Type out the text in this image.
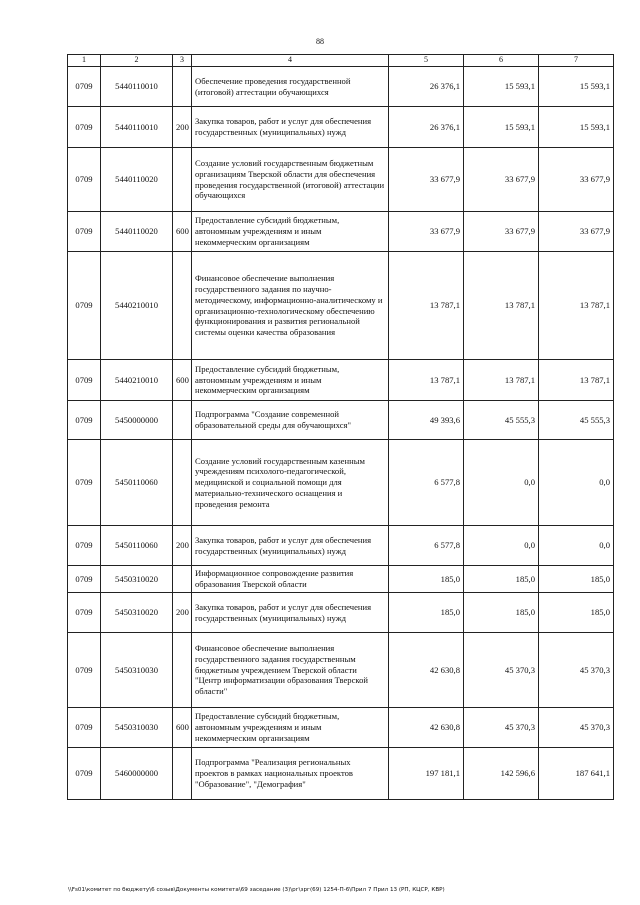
88
1	2	3	4	5	6	7
0709	5440110010		Обеспечение проведения государственной (итоговой) аттестации обучающихся	26 376,1	15 593,1	15 593,1
0709	5440110010	200	Закупка товаров, работ и услуг для обеспечения государственных (муниципальных) нужд	26 376,1	15 593,1	15 593,1
0709	5440110020		Создание условий государственным бюджетным организациям Тверской области для обеспечения проведения государственной (итоговой) аттестации обучающихся	33 677,9	33 677,9	33 677,9
0709	5440110020	600	Предоставление субсидий бюджетным, автономным учреждениям и иным некоммерческим организациям	33 677,9	33 677,9	33 677,9
0709	5440210010		Финансовое обеспечение выполнения государственного задания по научно-методическому, информационно-аналитическому и организационно-технологическому обеспечению функционирования и развития региональной системы оценки качества образования	13 787,1	13 787,1	13 787,1
0709	5440210010	600	Предоставление субсидий бюджетным, автономным учреждениям и иным некоммерческим организациям	13 787,1	13 787,1	13 787,1
0709	5450000000		Подпрограмма "Создание современной образовательной среды для обучающихся"	49 393,6	45 555,3	45 555,3
0709	5450110060		Создание условий государственным казенным учреждениям психолого-педагогической, медицинской и социальной помощи для материально-технического оснащения и проведения ремонта	6 577,8	0,0	0,0
0709	5450110060	200	Закупка товаров, работ и услуг для обеспечения государственных (муниципальных) нужд	6 577,8	0,0	0,0
0709	5450310020		Информационное сопровождение развития образования Тверской области	185,0	185,0	185,0
0709	5450310020	200	Закупка товаров, работ и услуг для обеспечения государственных (муниципальных) нужд	185,0	185,0	185,0
0709	5450310030		Финансовое обеспечение выполнения государственного задания государственным бюджетным учреждением Тверской области "Центр информатизации образования Тверской области"	42 630,8	45 370,3	45 370,3
0709	5450310030	600	Предоставление субсидий бюджетным, автономным учреждениям и иным некоммерческим организациям	42 630,8	45 370,3	45 370,3
0709	5460000000		Подпрограмма "Реализация региональных проектов в рамках национальных проектов "Образование", "Демография"	197 181,1	142 596,6	187 641,1
\\Fs01\комитет по бюджету\6 созыв\Документы комитета\69 заседание (3)\рг\зрг(69) 1254-П-6\Прил 7 Прил 13 (РП, КЦСР, КВР)
